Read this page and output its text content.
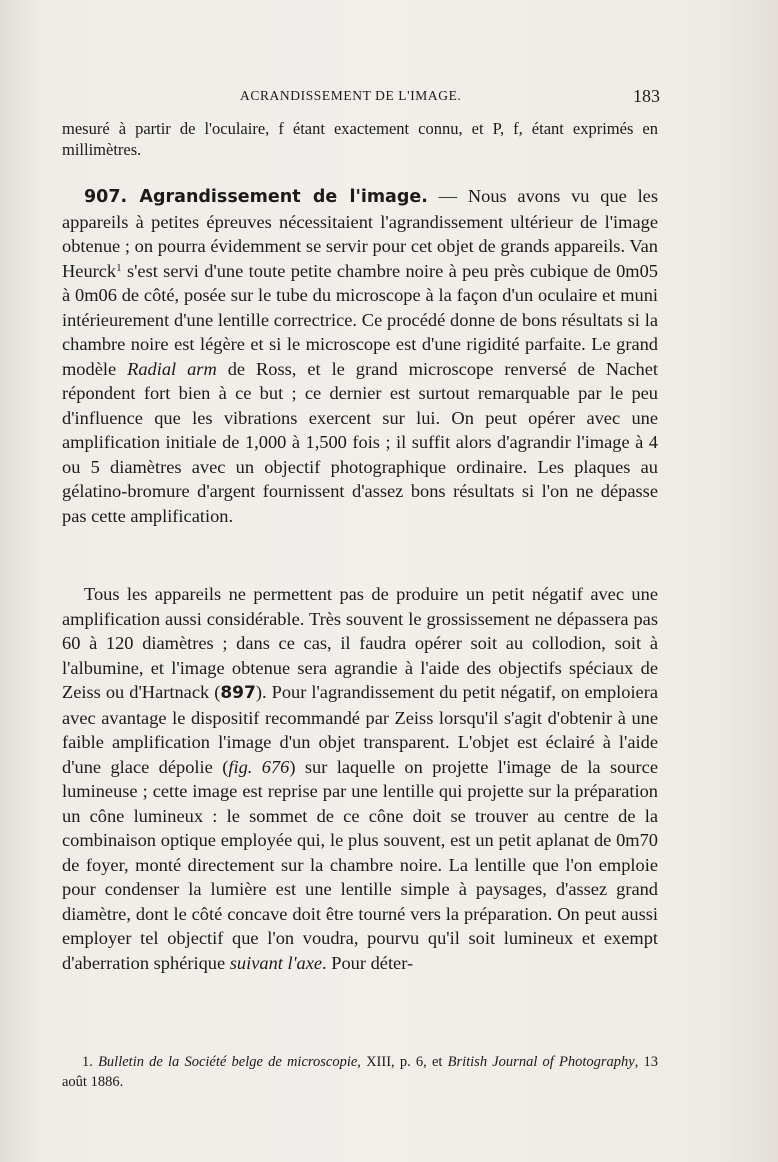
ACRANDISSEMENT DE L'IMAGE.	183
mesuré à partir de l'oculaire, f étant exactement connu, et P, f, étant exprimés en millimètres.
907. Agrandissement de l'image. — Nous avons vu que les appareils à petites épreuves nécessitaient l'agrandissement ultérieur de l'image obtenue ; on pourra évidemment se servir pour cet objet de grands appareils. Van Heurck$^1$ s'est servi d'une toute petite chambre noire à peu près cubique de 0m05 à 0m06 de côté, posée sur le tube du microscope à la façon d'un oculaire et muni intérieurement d'une lentille correctrice. Ce procédé donne de bons résultats si la chambre noire est légère et si le microscope est d'une rigidité parfaite. Le grand modèle Radial arm de Ross, et le grand microscope renversé de Nachet répondent fort bien à ce but ; ce dernier est surtout remarquable par le peu d'influence que les vibrations exercent sur lui. On peut opérer avec une amplification initiale de 1,000 à 1,500 fois ; il suffit alors d'agrandir l'image à 4 ou 5 diamètres avec un objectif photographique ordinaire. Les plaques au gélatino-bromure d'argent fournissent d'assez bons résultats si l'on ne dépasse pas cette amplification.
Tous les appareils ne permettent pas de produire un petit négatif avec une amplification aussi considérable. Très souvent le grossissement ne dépassera pas 60 à 120 diamètres ; dans ce cas, il faudra opérer soit au collodion, soit à l'albumine, et l'image obtenue sera agrandie à l'aide des objectifs spéciaux de Zeiss ou d'Hartnack (897). Pour l'agrandissement du petit négatif, on emploiera avec avantage le dispositif recommandé par Zeiss lorsqu'il s'agit d'obtenir à une faible amplification l'image d'un objet transparent. L'objet est éclairé à l'aide d'une glace dépolie (fig. 676) sur laquelle on projette l'image de la source lumineuse ; cette image est reprise par une lentille qui projette sur la préparation un cône lumineux : le sommet de ce cône doit se trouver au centre de la combinaison optique employée qui, le plus souvent, est un petit aplanat de 0m70 de foyer, monté directement sur la chambre noire. La lentille que l'on emploie pour condenser la lumière est une lentille simple à paysages, d'assez grand diamètre, dont le côté concave doit être tourné vers la préparation. On peut aussi employer tel objectif que l'on voudra, pourvu qu'il soit lumineux et exempt d'aberration sphérique suivant l'axe. Pour déter-
1. Bulletin de la Société belge de microscopie, XIII, p. 6, et British Journal of Photography, 13 août 1886.
